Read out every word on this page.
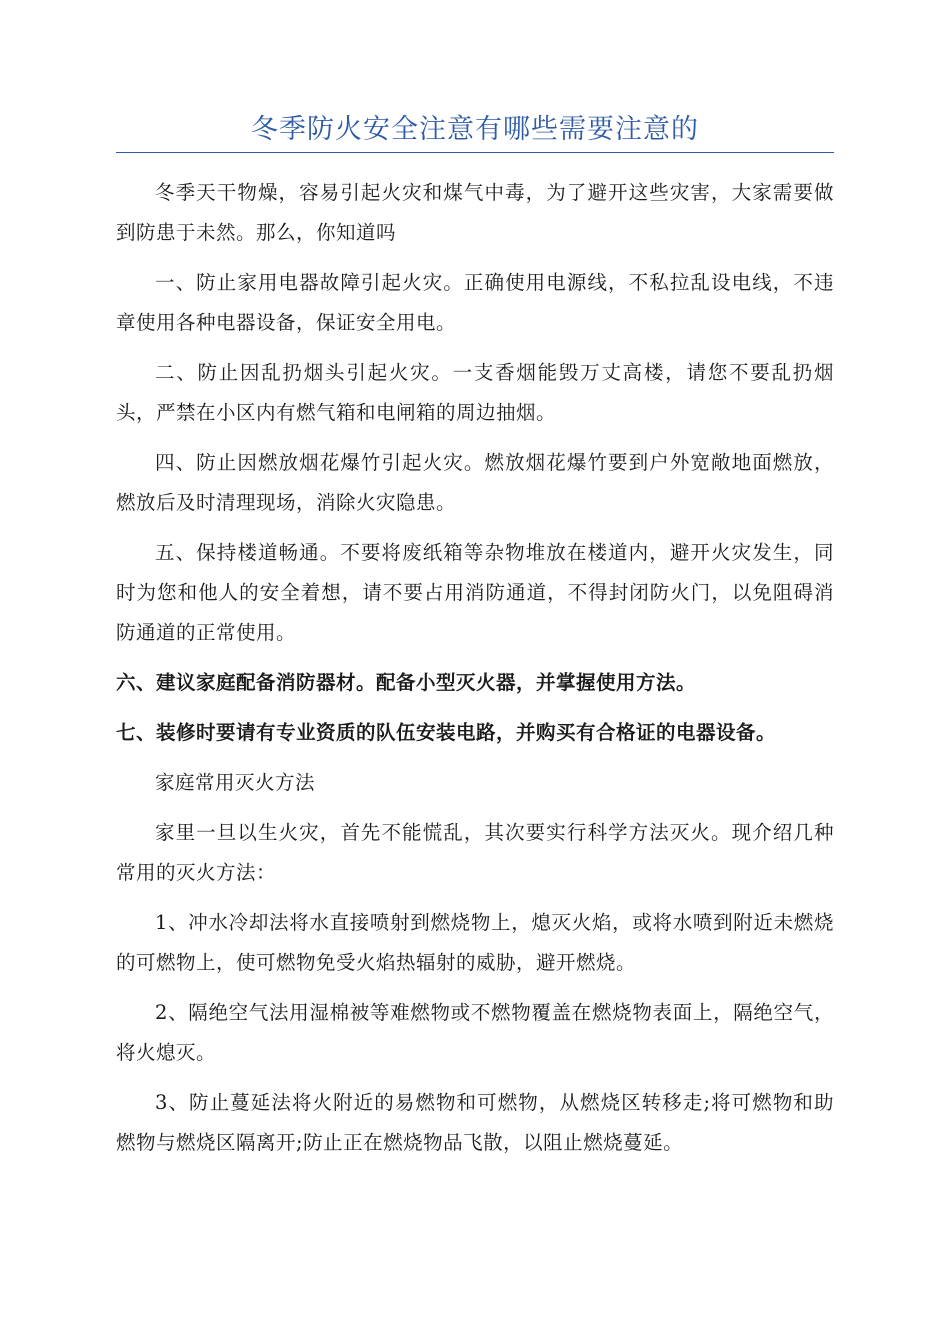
冬季防火安全注意有哪些需要注意的

冬季天干物燥，容易引起火灾和煤气中毒，为了避开这些灾害，大家需要做到防患于未然。那么，你知道吗

一、防止家用电器故障引起火灾。正确使用电源线，不私拉乱设电线，不违章使用各种电器设备，保证安全用电。

二、防止因乱扔烟头引起火灾。一支香烟能毁万丈高楼，请您不要乱扔烟头，严禁在小区内有燃气箱和电闸箱的周边抽烟。

四、防止因燃放烟花爆竹引起火灾。燃放烟花爆竹要到户外宽敞地面燃放，燃放后及时清理现场，消除火灾隐患。

五、保持楼道畅通。不要将废纸箱等杂物堆放在楼道内，避开火灾发生，同时为您和他人的安全着想，请不要占用消防通道，不得封闭防火门，以免阻碍消防通道的正常使用。

六、建议家庭配备消防器材。配备小型灭火器，并掌握使用方法。

七、装修时要请有专业资质的队伍安装电路，并购买有合格证的电器设备。

家庭常用灭火方法

家里一旦以生火灾，首先不能慌乱，其次要实行科学方法灭火。现介绍几种常用的灭火方法：

1、冲水冷却法将水直接喷射到燃烧物上，熄灭火焰，或将水喷到附近未燃烧的可燃物上，使可燃物免受火焰热辐射的威胁，避开燃烧。

2、隔绝空气法用湿棉被等难燃物或不燃物覆盖在燃烧物表面上，隔绝空气，将火熄灭。

3、防止蔓延法将火附近的易燃物和可燃物，从燃烧区转移走;将可燃物和助燃物与燃烧区隔离开;防止正在燃烧物品飞散，以阻止燃烧蔓延。
